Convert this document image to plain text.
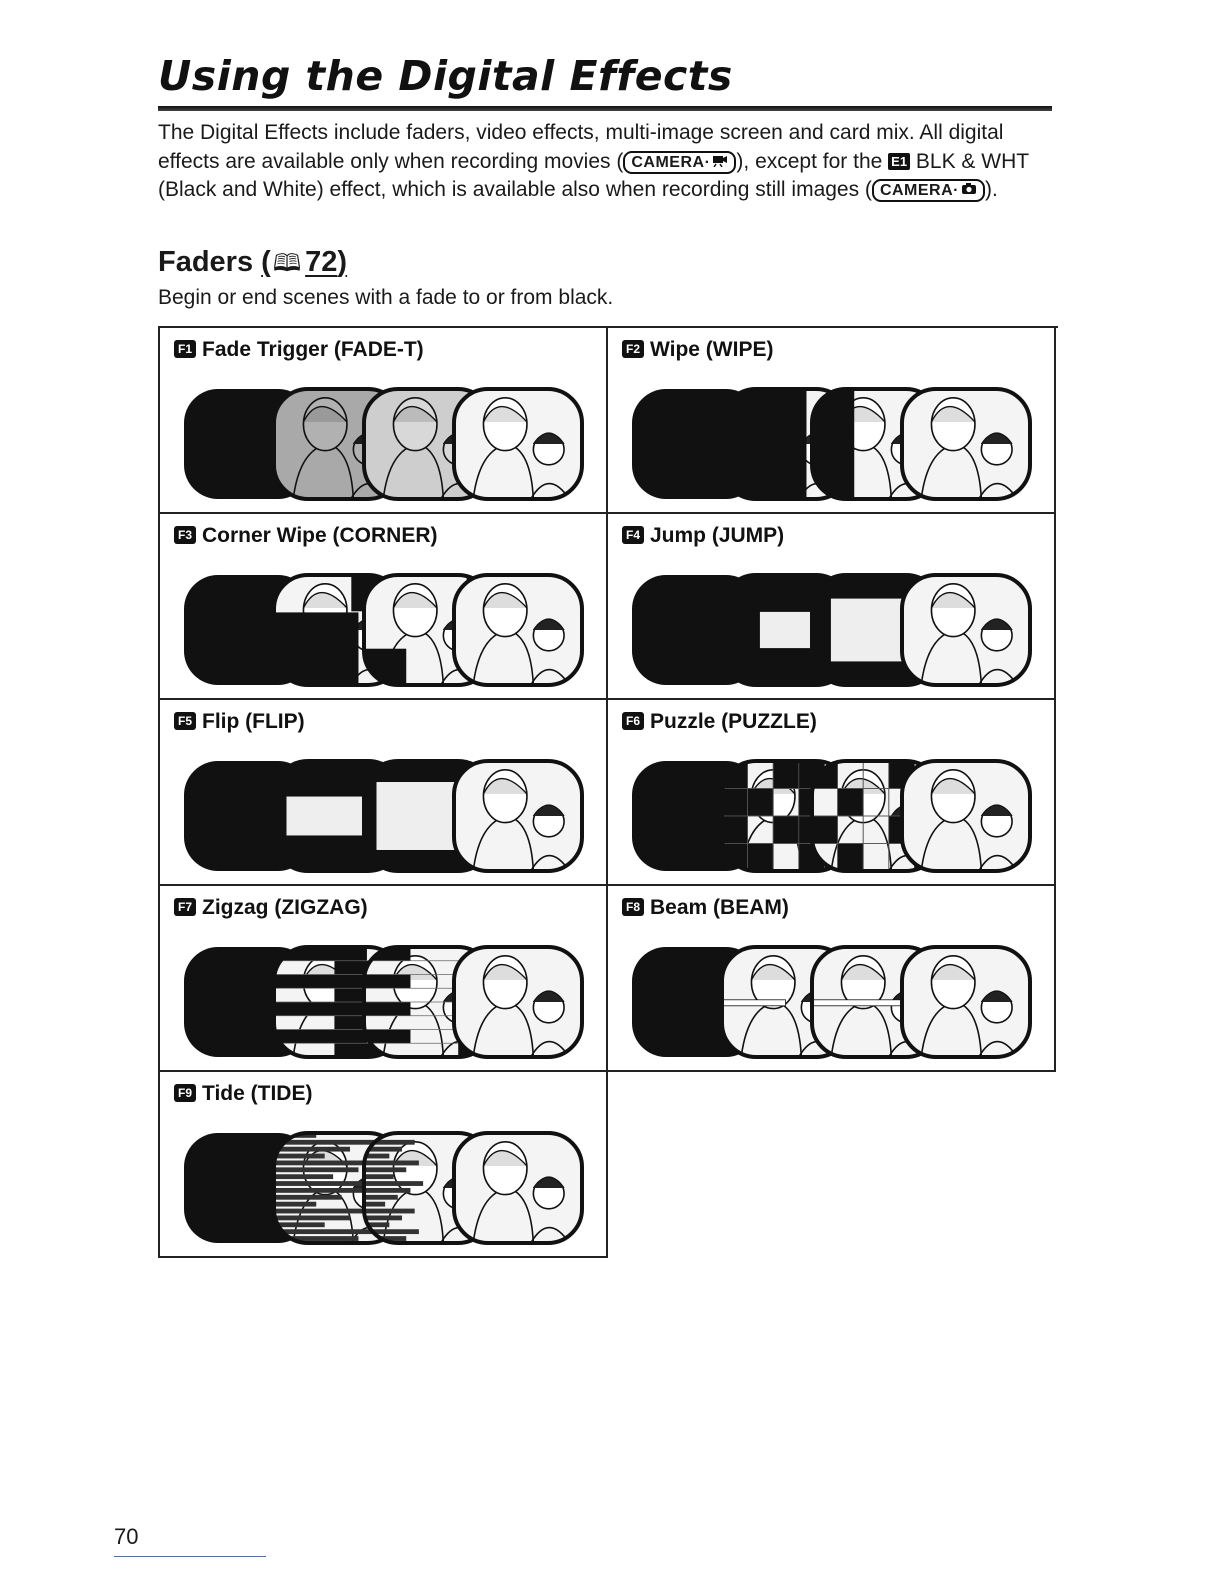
Using the Digital Effects

The Digital Effects include faders, video effects, multi-image screen and card mix. All digital effects are available only when recording movies ( CAMERA· ), except for the E1 BLK & WHT (Black and White) effect, which is available also when recording still images ( CAMERA· ).

Faders (🕮 72)
Begin or end scenes with a fade to or from black.
F1 Fade Trigger (FADE-T)	F2 Wipe (WIPE)
F3 Corner Wipe (CORNER)	F4 Jump (JUMP)
F5 Flip (FLIP)	F6 Puzzle (PUZZLE)
F7 Zigzag (ZIGZAG)	F8 Beam (BEAM)
F9 Tide (TIDE)
70
